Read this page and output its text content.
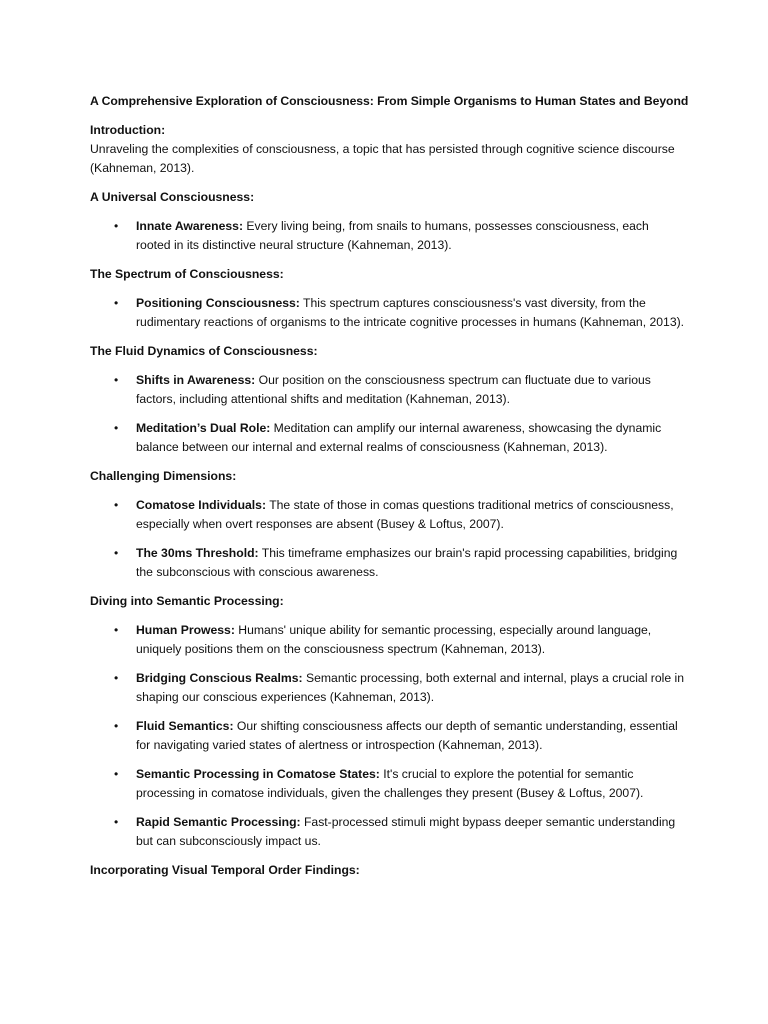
A Comprehensive Exploration of Consciousness: From Simple Organisms to Human States and Beyond

Introduction:

Unraveling the complexities of consciousness, a topic that has persisted through cognitive science discourse (Kahneman, 2013).

A Universal Consciousness:

• Innate Awareness: Every living being, from snails to humans, possesses consciousness, each rooted in its distinctive neural structure (Kahneman, 2013).

The Spectrum of Consciousness:

• Positioning Consciousness: This spectrum captures consciousness's vast diversity, from the rudimentary reactions of organisms to the intricate cognitive processes in humans (Kahneman, 2013).

The Fluid Dynamics of Consciousness:

• Shifts in Awareness: Our position on the consciousness spectrum can fluctuate due to various factors, including attentional shifts and meditation (Kahneman, 2013).
• Meditation’s Dual Role: Meditation can amplify our internal awareness, showcasing the dynamic balance between our internal and external realms of consciousness (Kahneman, 2013).

Challenging Dimensions:

• Comatose Individuals: The state of those in comas questions traditional metrics of consciousness, especially when overt responses are absent (Busey & Loftus, 2007).
• The 30ms Threshold: This timeframe emphasizes our brain's rapid processing capabilities, bridging the subconscious with conscious awareness.

Diving into Semantic Processing:

• Human Prowess: Humans' unique ability for semantic processing, especially around language, uniquely positions them on the consciousness spectrum (Kahneman, 2013).
• Bridging Conscious Realms: Semantic processing, both external and internal, plays a crucial role in shaping our conscious experiences (Kahneman, 2013).
• Fluid Semantics: Our shifting consciousness affects our depth of semantic understanding, essential for navigating varied states of alertness or introspection (Kahneman, 2013).
• Semantic Processing in Comatose States: It's crucial to explore the potential for semantic processing in comatose individuals, given the challenges they present (Busey & Loftus, 2007).
• Rapid Semantic Processing: Fast-processed stimuli might bypass deeper semantic understanding but can subconsciously impact us.

Incorporating Visual Temporal Order Findings:
